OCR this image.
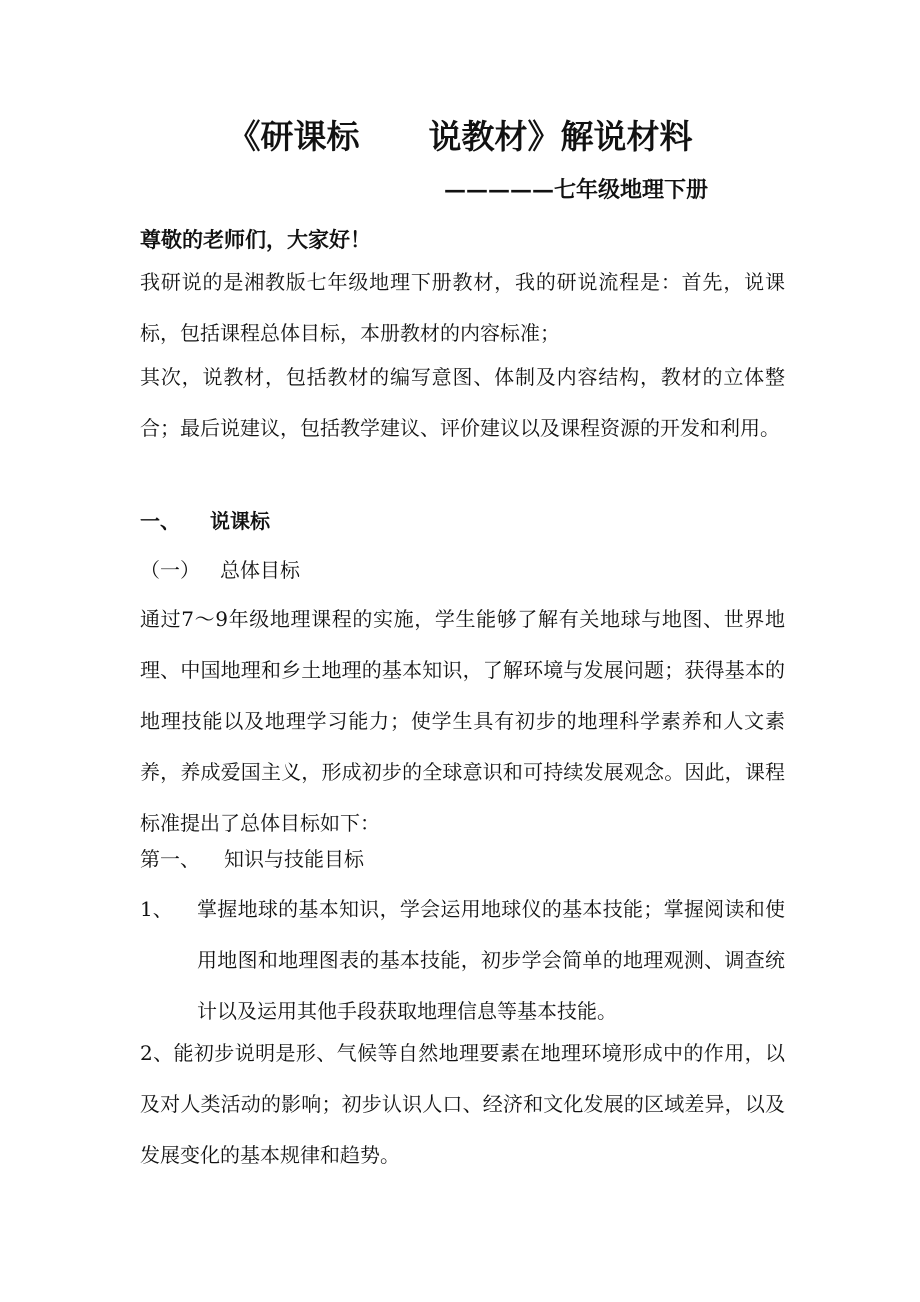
《研课标      说教材》解说材料
—————七年级地理下册
尊敬的老师们，大家好！
我研说的是湘教版七年级地理下册教材，我的研说流程是：首先，说课标，包括课程总体目标，本册教材的内容标准；
其次，说教材，包括教材的编写意图、体制及内容结构，教材的立体整合；最后说建议，包括教学建议、评价建议以及课程资源的开发和利用。
一、 说课标
（一） 总体目标
通过7～9年级地理课程的实施，学生能够了解有关地球与地图、世界地理、中国地理和乡土地理的基本知识，了解环境与发展问题；获得基本的地理技能以及地理学习能力；使学生具有初步的地理科学素养和人文素养，养成爱国主义，形成初步的全球意识和可持续发展观念。因此，课程标准提出了总体目标如下：
第一、 知识与技能目标
1、 掌握地球的基本知识，学会运用地球仪的基本技能；掌握阅读和使用地图和地理图表的基本技能，初步学会简单的地理观测、调查统计以及运用其他手段获取地理信息等基本技能。
2、能初步说明是形、气候等自然地理要素在地理环境形成中的作用，以及对人类活动的影响；初步认识人口、经济和文化发展的区域差异，以及发展变化的基本规律和趋势。
